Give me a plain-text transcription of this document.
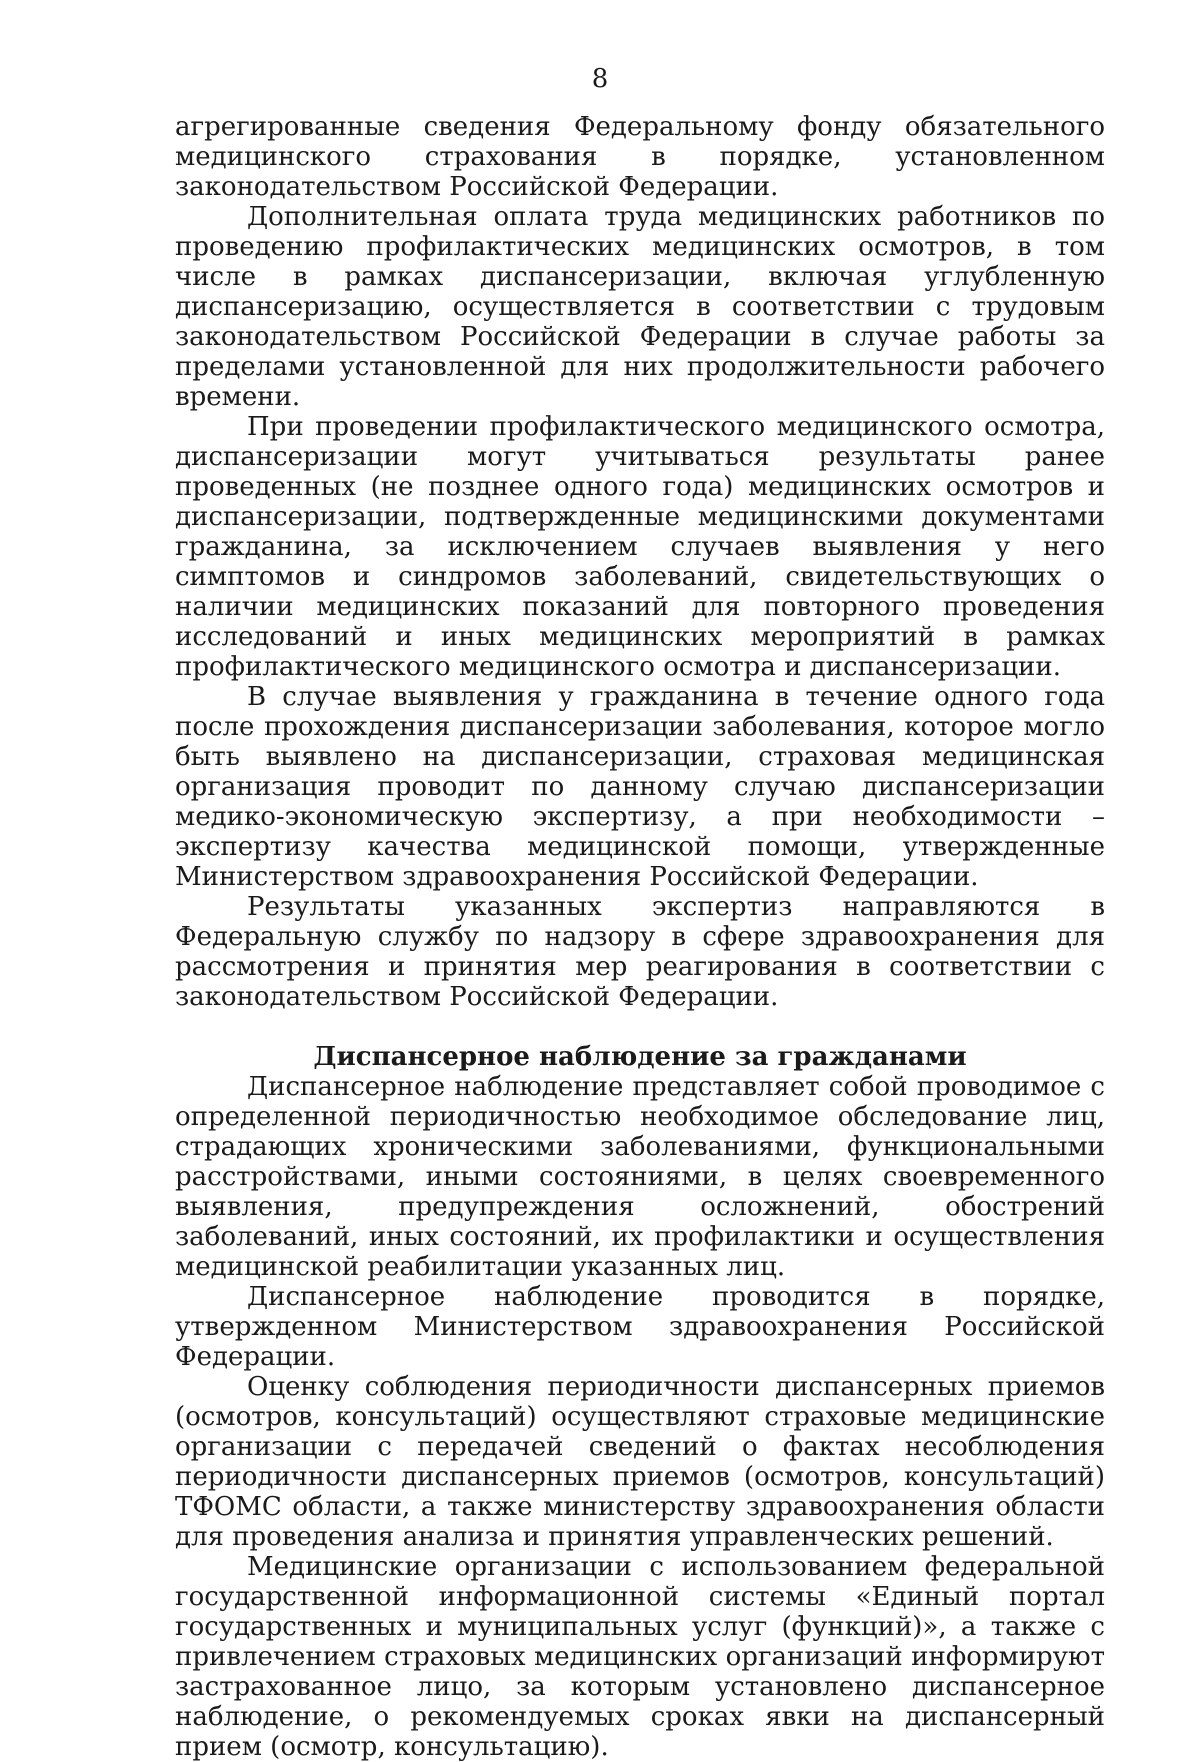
8

агрегированные сведения Федеральному фонду обязательного медицинского страхования в порядке, установленном законодательством Российской Федерации.

Дополнительная оплата труда медицинских работников по проведению профилактических медицинских осмотров, в том числе в рамках диспансеризации, включая углубленную диспансеризацию, осуществляется в соответствии с трудовым законодательством Российской Федерации в случае работы за пределами установленной для них продолжительности рабочего времени.

При проведении профилактического медицинского осмотра, диспансеризации могут учитываться результаты ранее проведенных (не позднее одного года) медицинских осмотров и диспансеризации, подтвержденные медицинскими документами гражданина, за исключением случаев выявления у него симптомов и синдромов заболеваний, свидетельствующих о наличии медицинских показаний для повторного проведения исследований и иных медицинских мероприятий в рамках профилактического медицинского осмотра и диспансеризации.

В случае выявления у гражданина в течение одного года после прохождения диспансеризации заболевания, которое могло быть выявлено на диспансеризации, страховая медицинская организация проводит по данному случаю диспансеризации медико-экономическую экспертизу, а при необходимости – экспертизу качества медицинской помощи, утвержденные Министерством здравоохранения Российской Федерации.

Результаты указанных экспертиз направляются в Федеральную службу по надзору в сфере здравоохранения для рассмотрения и принятия мер реагирования в соответствии с законодательством Российской Федерации.

Диспансерное наблюдение за гражданами

Диспансерное наблюдение представляет собой проводимое с определенной периодичностью необходимое обследование лиц, страдающих хроническими заболеваниями, функциональными расстройствами, иными состояниями, в целях своевременного выявления, предупреждения осложнений, обострений заболеваний, иных состояний, их профилактики и осуществления медицинской реабилитации указанных лиц.

Диспансерное наблюдение проводится в порядке, утвержденном Министерством здравоохранения Российской Федерации.

Оценку соблюдения периодичности диспансерных приемов (осмотров, консультаций) осуществляют страховые медицинские организации с передачей сведений о фактах несоблюдения периодичности диспансерных приемов (осмотров, консультаций) ТФОМС области, а также министерству здравоохранения области для проведения анализа и принятия управленческих решений.

Медицинские организации с использованием федеральной государственной информационной системы «Единый портал государственных и муниципальных услуг (функций)», а также с привлечением страховых медицинских организаций информируют застрахованное лицо, за которым установлено диспансерное наблюдение, о рекомендуемых сроках явки на диспансерный прием (осмотр, консультацию).
